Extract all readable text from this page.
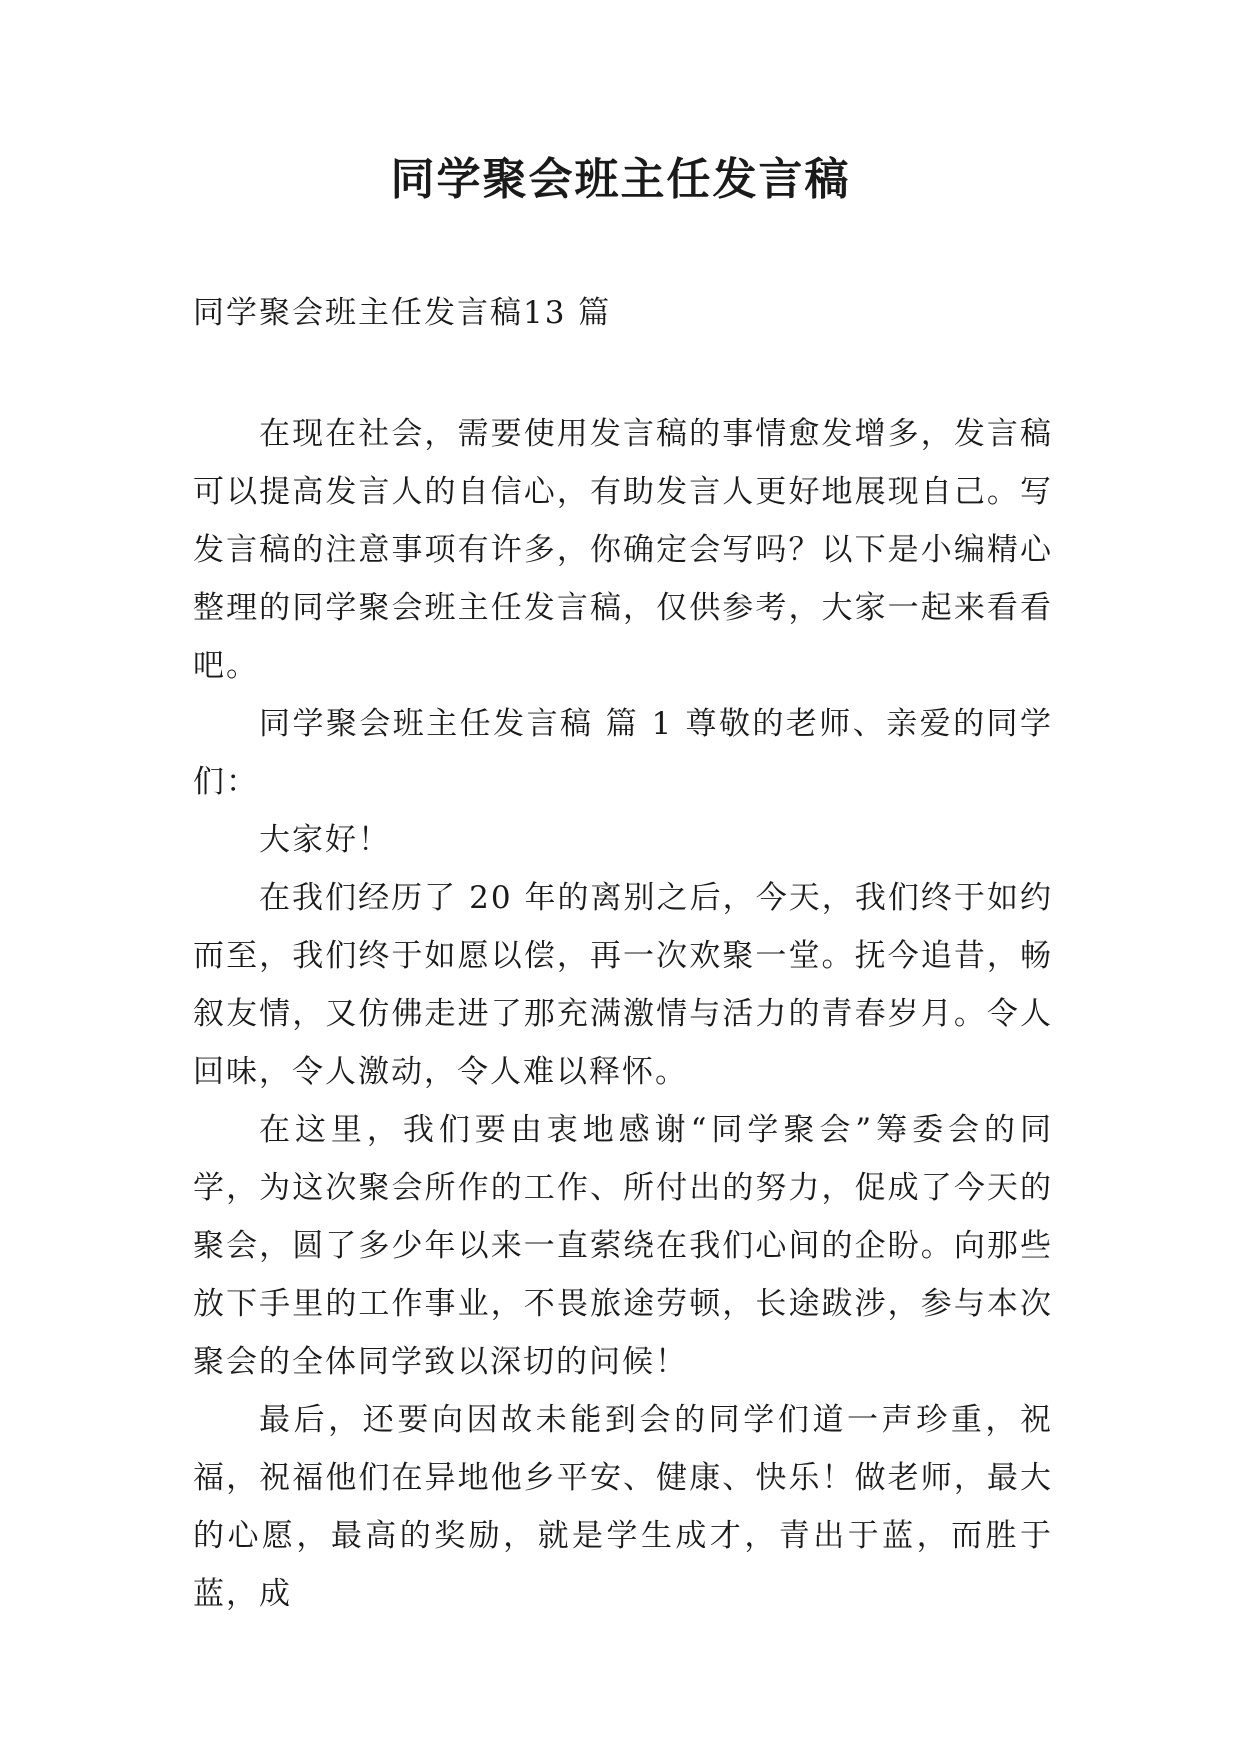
同学聚会班主任发言稿
同学聚会班主任发言稿13 篇

在现在社会，需要使用发言稿的事情愈发增多，发言稿可以提高发言人的自信心，有助发言人更好地展现自己。写发言稿的注意事项有许多，你确定会写吗？以下是小编精心整理的同学聚会班主任发言稿，仅供参考，大家一起来看看吧。

同学聚会班主任发言稿 篇 1 尊敬的老师、亲爱的同学们：

大家好！

在我们经历了 20 年的离别之后，今天，我们终于如约而至，我们终于如愿以偿，再一次欢聚一堂。抚今追昔，畅叙友情，又仿佛走进了那充满激情与活力的青春岁月。令人回味，令人激动，令人难以释怀。

在这里，我们要由衷地感谢“同学聚会”筹委会的同学，为这次聚会所作的工作、所付出的努力，促成了今天的聚会，圆了多少年以来一直萦绕在我们心间的企盼。向那些放下手里的工作事业，不畏旅途劳顿，长途跋涉，参与本次聚会的全体同学致以深切的问候！

最后，还要向因故未能到会的同学们道一声珍重，祝福，祝福他们在异地他乡平安、健康、快乐！做老师，最大的心愿，最高的奖励，就是学生成才，青出于蓝，而胜于蓝，成
